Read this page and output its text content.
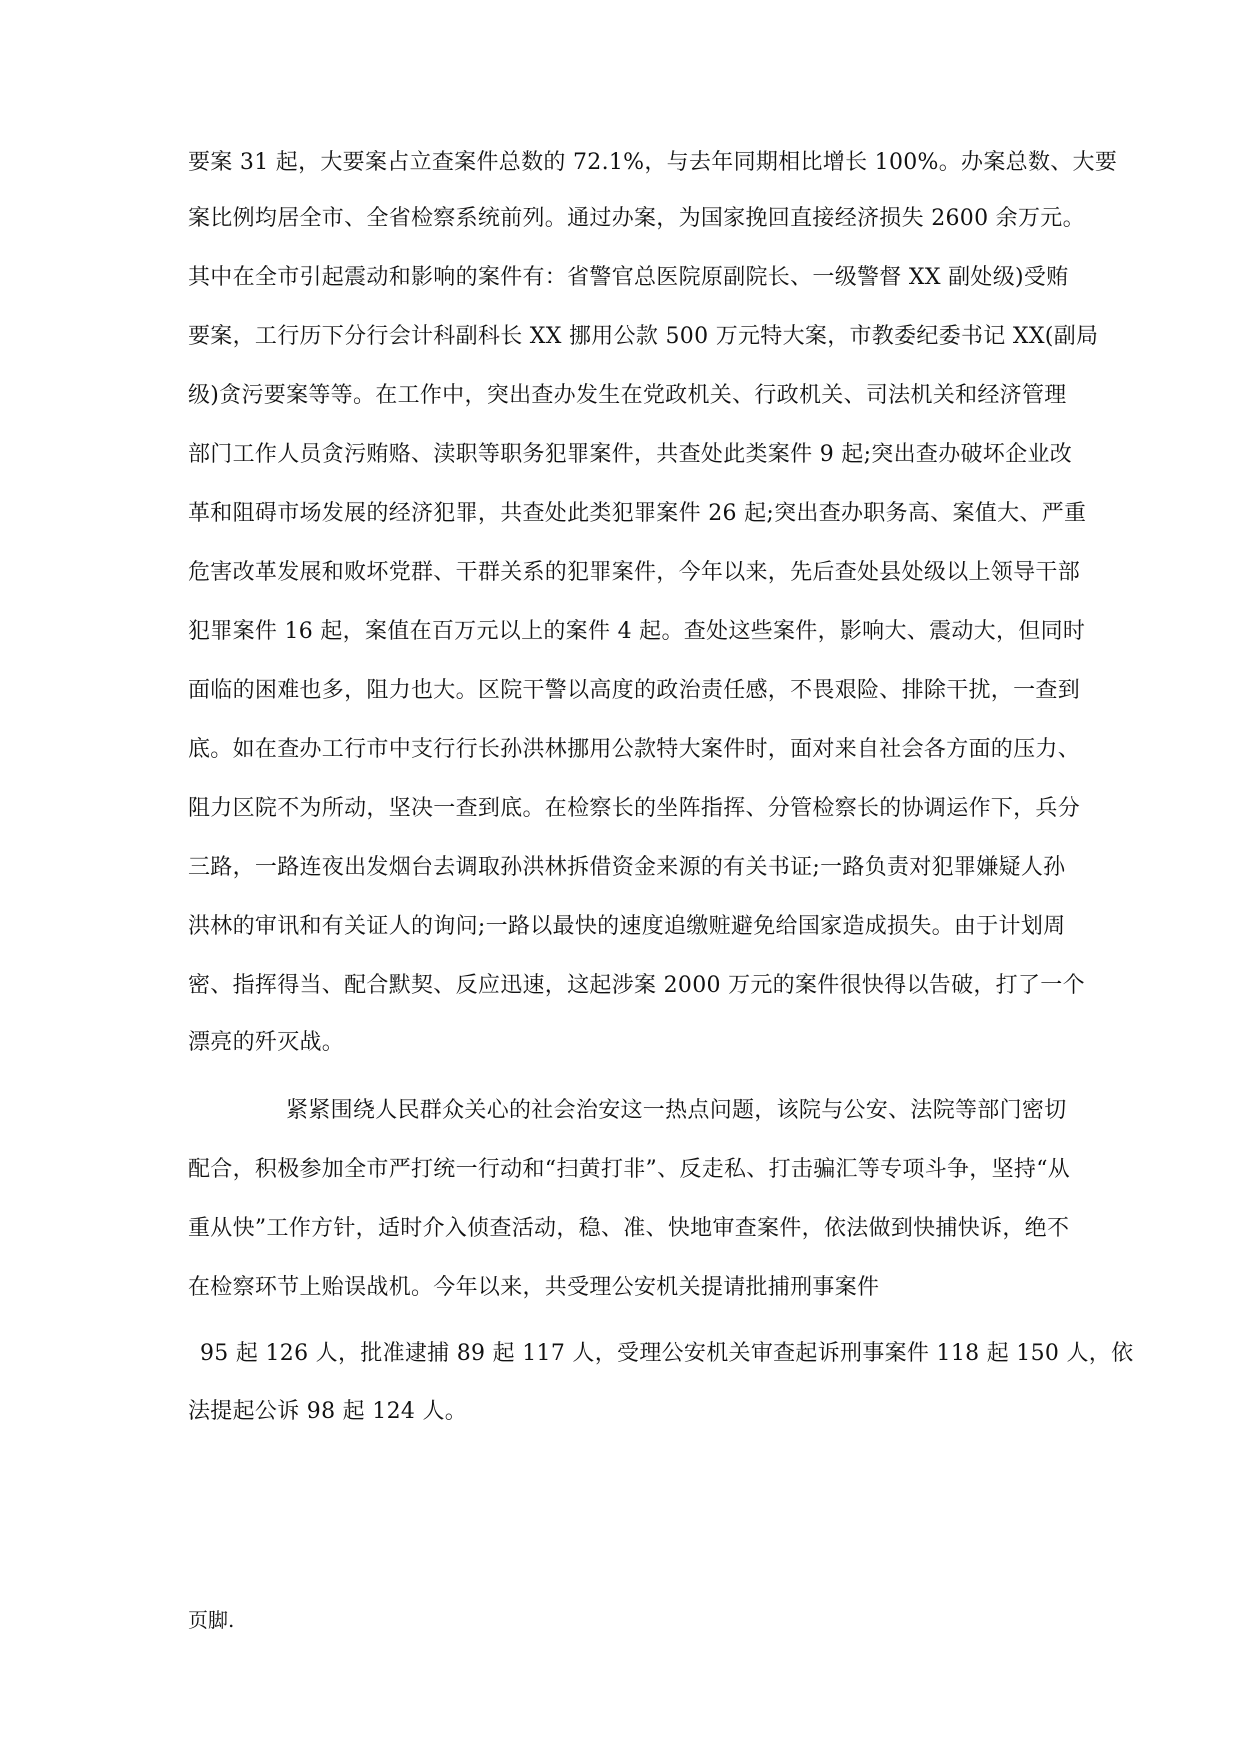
要案 31 起，大要案占立查案件总数的 72.1%，与去年同期相比增长 100%。办案总数、大要
案比例均居全市、全省检察系统前列。通过办案，为国家挽回直接经济损失 2600 余万元。
其中在全市引起震动和影响的案件有：省警官总医院原副院长、一级警督 XX 副处级)受贿
要案，工行历下分行会计科副科长 XX 挪用公款 500 万元特大案，市教委纪委书记 XX(副局
级)贪污要案等等。在工作中，突出查办发生在党政机关、行政机关、司法机关和经济管理
部门工作人员贪污贿赂、渎职等职务犯罪案件，共查处此类案件 9 起;突出查办破坏企业改
革和阻碍市场发展的经济犯罪，共查处此类犯罪案件 26 起;突出查办职务高、案值大、严重
危害改革发展和败坏党群、干群关系的犯罪案件，今年以来，先后查处县处级以上领导干部
犯罪案件 16 起，案值在百万元以上的案件 4 起。查处这些案件，影响大、震动大，但同时
面临的困难也多，阻力也大。区院干警以高度的政治责任感，不畏艰险、排除干扰，一查到
底。如在查办工行市中支行行长孙洪林挪用公款特大案件时，面对来自社会各方面的压力、
阻力区院不为所动，坚决一查到底。在检察长的坐阵指挥、分管检察长的协调运作下，兵分
三路，一路连夜出发烟台去调取孙洪林拆借资金来源的有关书证;一路负责对犯罪嫌疑人孙
洪林的审讯和有关证人的询问;一路以最快的速度追缴赃避免给国家造成损失。由于计划周
密、指挥得当、配合默契、反应迅速，这起涉案 2000 万元的案件很快得以告破，打了一个
漂亮的歼灭战。
紧紧围绕人民群众关心的社会治安这一热点问题，该院与公安、法院等部门密切
配合，积极参加全市严打统一行动和“扫黄打非”、反走私、打击骗汇等专项斗争，坚持“从
重从快”工作方针，适时介入侦查活动，稳、准、快地审查案件，依法做到快捕快诉，绝不
在检察环节上贻误战机。今年以来，共受理公安机关提请批捕刑事案件
95 起 126 人，批准逮捕 89 起 117 人，受理公安机关审查起诉刑事案件 118 起 150 人，依
法提起公诉 98 起 124 人。
页脚.
